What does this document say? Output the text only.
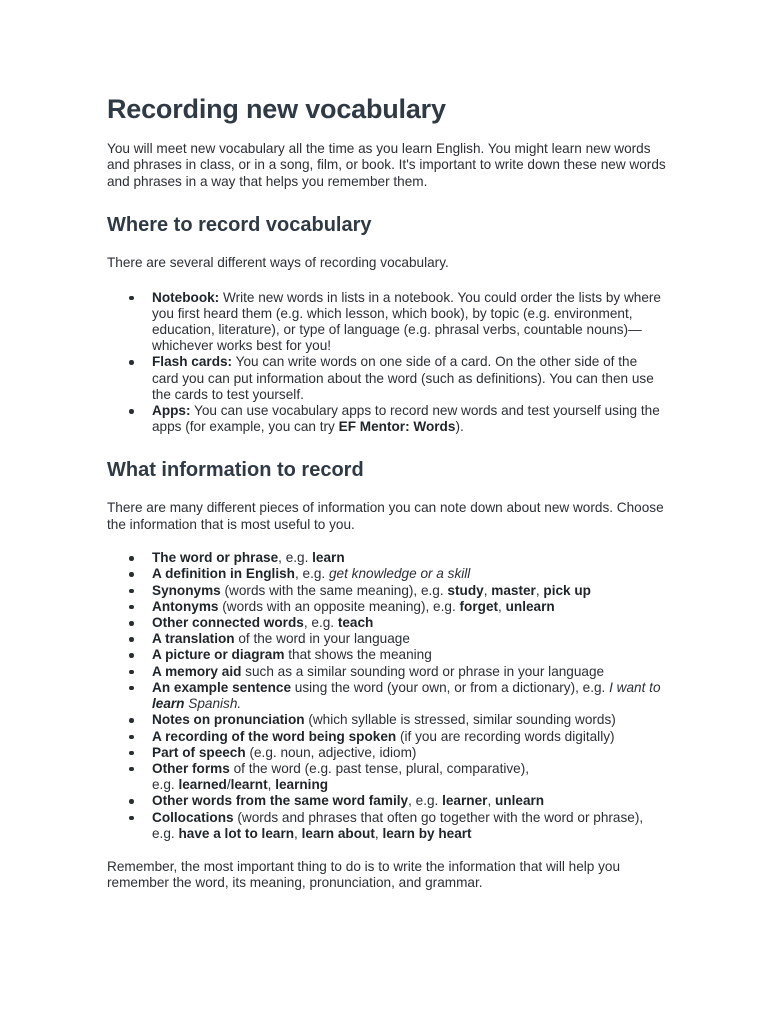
Recording new vocabulary

You will meet new vocabulary all the time as you learn English. You might learn new words and phrases in class, or in a song, film, or book. It's important to write down these new words and phrases in a way that helps you remember them.

Where to record vocabulary

There are several different ways of recording vocabulary.

Notebook: Write new words in lists in a notebook. You could order the lists by where you first heard them (e.g. which lesson, which book), by topic (e.g. environment, education, literature), or type of language (e.g. phrasal verbs, countable nouns)—whichever works best for you!
Flash cards: You can write words on one side of a card. On the other side of the card you can put information about the word (such as definitions). You can then use the cards to test yourself.
Apps: You can use vocabulary apps to record new words and test yourself using the apps (for example, you can try EF Mentor: Words).
What information to record

There are many different pieces of information you can note down about new words. Choose the information that is most useful to you.

The word or phrase, e.g. learn
A definition in English, e.g. get knowledge or a skill
Synonyms (words with the same meaning), e.g. study, master, pick up
Antonyms (words with an opposite meaning), e.g. forget, unlearn
Other connected words, e.g. teach
A translation of the word in your language
A picture or diagram that shows the meaning
A memory aid such as a similar sounding word or phrase in your language
An example sentence using the word (your own, or from a dictionary), e.g. I want to learn Spanish.
Notes on pronunciation (which syllable is stressed, similar sounding words)
A recording of the word being spoken (if you are recording words digitally)
Part of speech (e.g. noun, adjective, idiom)
Other forms of the word (e.g. past tense, plural, comparative),
e.g. learned/learnt, learning
Other words from the same word family, e.g. learner, unlearn
Collocations (words and phrases that often go together with the word or phrase),
e.g. have a lot to learn, learn about, learn by heart

Remember, the most important thing to do is to write the information that will help you remember the word, its meaning, pronunciation, and grammar.
